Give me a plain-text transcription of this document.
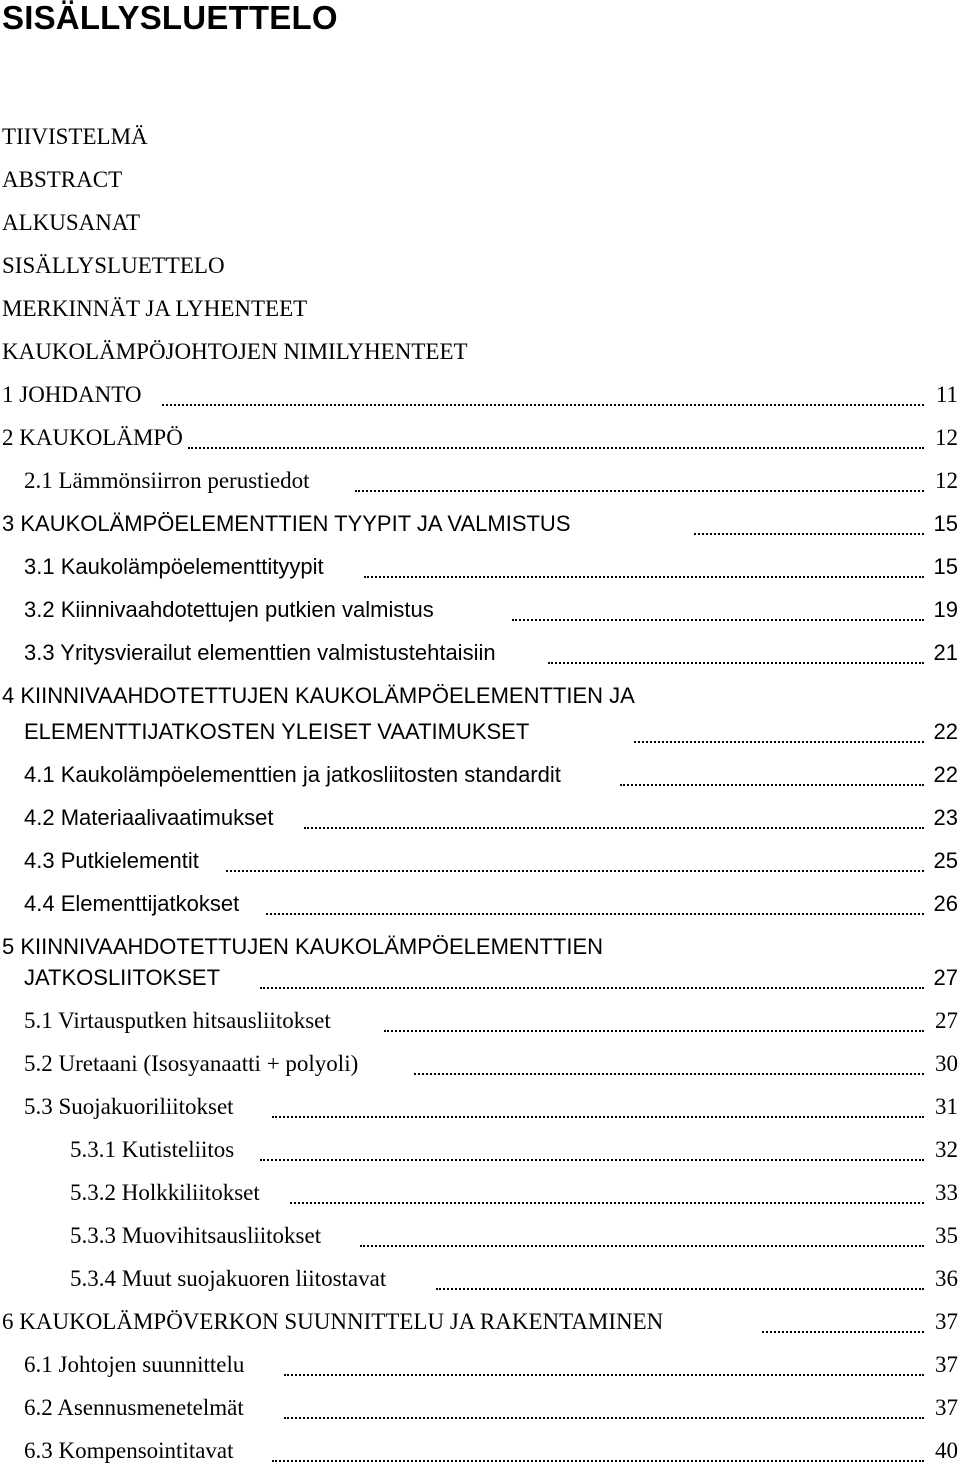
SISÄLLYSLUETTELO
TIIVISTELMÄ
ABSTRACT
ALKUSANAT
SISÄLLYSLUETTELO
MERKINNÄT JA LYHENTEET
KAUKOLÄMPÖJOHTOJEN NIMILYHENTEET
1 JOHDANTO	11
2 KAUKOLÄMPÖ	12
2.1 Lämmönsiirron perustiedot	12
3 KAUKOLÄMPÖELEMENTTIEN TYYPIT JA VALMISTUS	15
3.1 Kaukolämpöelementtityypit	15
3.2 Kiinnivaahdotettujen putkien valmistus	19
3.3 Yritysvierailut elementtien valmistustehtaisiin	21
4 KIINNIVAAHDOTETTUJEN KAUKOLÄMPÖELEMENTTIEN JA
ELEMENTTIJATKOSTEN YLEISET VAATIMUKSET	22
4.1 Kaukolämpöelementtien ja jatkosliitosten standardit	22
4.2 Materiaalivaatimukset	23
4.3 Putkielementit	25
4.4 Elementtijatkokset	26
5 KIINNIVAAHDOTETTUJEN KAUKOLÄMPÖELEMENTTIEN
JATKOSLIITOKSET	27
5.1 Virtausputken hitsausliitokset	27
5.2 Uretaani (Isosyanaatti + polyoli)	30
5.3 Suojakuoriliitokset	31
5.3.1 Kutisteliitos	32
5.3.2 Holkkiliitokset	33
5.3.3 Muovihitsausliitokset	35
5.3.4 Muut suojakuoren liitostavat	36
6 KAUKOLÄMPÖVERKON SUUNNITTELU JA RAKENTAMINEN	37
6.1 Johtojen suunnittelu	37
6.2 Asennusmenetelmät	37
6.3 Kompensointitavat	40
